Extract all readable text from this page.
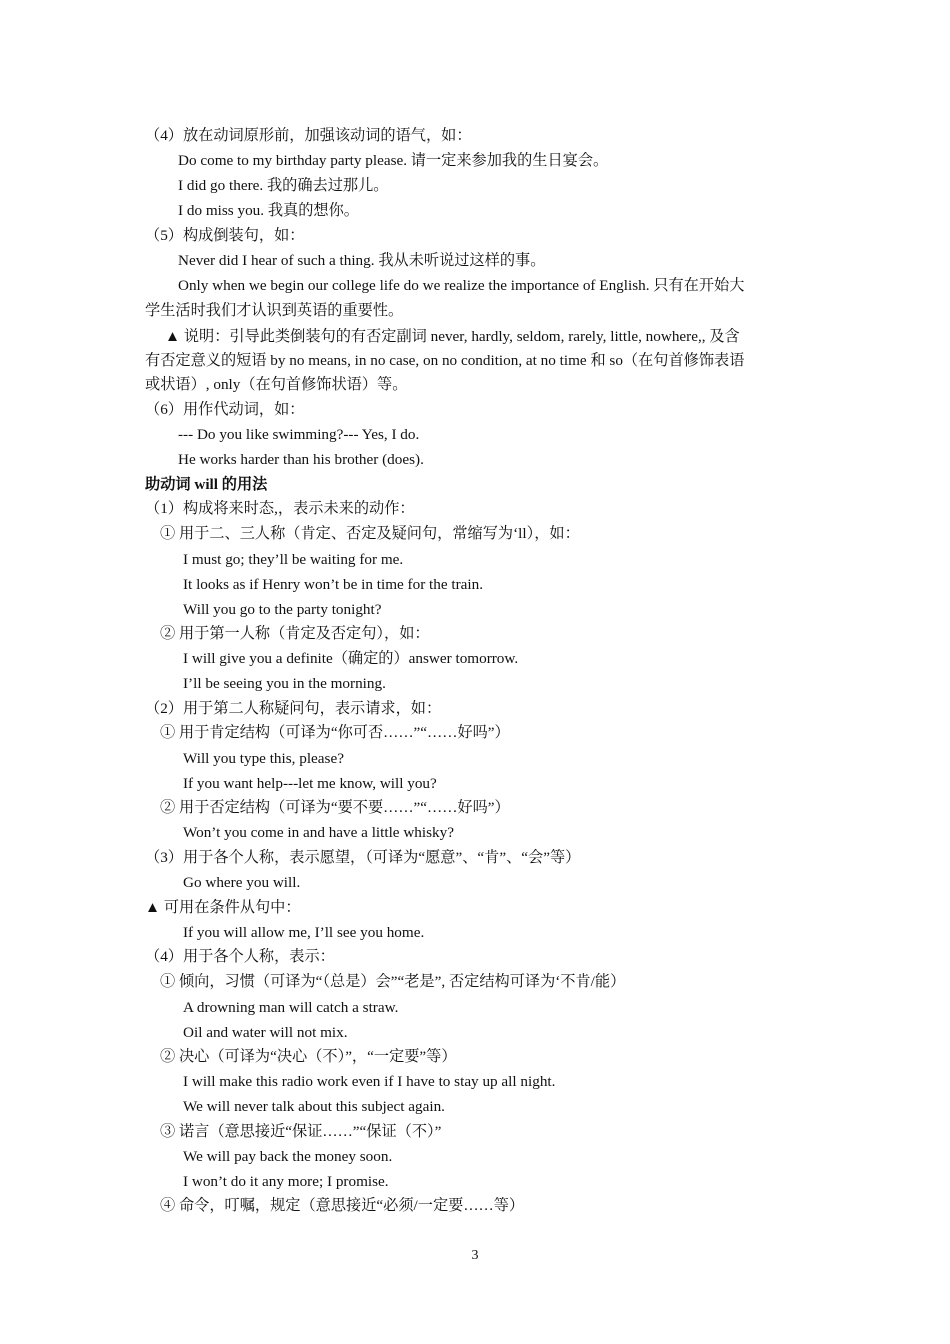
（4）放在动词原形前，加强该动词的语气，如：
Do come to my birthday party please. 请一定来参加我的生日宴会。
I did go there. 我的确去过那儿。
I do miss you. 我真的想你。
（5）构成倒装句，如：
Never did I hear of such a thing. 我从未听说过这样的事。
Only when we begin our college life do we realize the importance of English. 只有在开始大
学生活时我们才认识到英语的重要性。
▲ 说明：引导此类倒装句的有否定副词 never, hardly, seldom, rarely, little, nowhere,, 及含
有否定意义的短语 by no means, in no case, on no condition, at no time 和 so（在句首修饰表语
或状语）, only（在句首修饰状语）等。
（6）用作代动词，如：
--- Do you like swimming?--- Yes, I do.
He works harder than his brother (does).
助动词 will 的用法
（1）构成将来时态,，表示未来的动作：
① 用于二、三人称（肯定、否定及疑问句，常缩写为‘ll），如：
I must go; they’ll be waiting for me.
It looks as if Henry won’t be in time for the train.
Will you go to the party tonight?
② 用于第一人称（肯定及否定句），如：
I will give you a definite（确定的）answer tomorrow.
I’ll be seeing you in the morning.
（2）用于第二人称疑问句，表示请求，如：
① 用于肯定结构（可译为“你可否……”“……好吗”）
Will you type this, please?
If you want help---let me know, will you?
② 用于否定结构（可译为“要不要……”“……好吗”）
Won’t you come in and have a little whisky?
（3）用于各个人称，表示愿望，（可译为“愿意”、“肯”、“会”等）
Go where you will.
▲ 可用在条件从句中：
If you will allow me, I’ll see you home.
（4）用于各个人称，表示：
① 倾向，习惯（可译为“（总是）会”“老是”, 否定结构可译为‘不肯/能）
A drowning man will catch a straw.
Oil and water will not mix.
② 决心（可译为“决心（不）”，“一定要”等）
I will make this radio work even if I have to stay up all night.
We will never talk about this subject again.
③ 诺言（意思接近“保证……”“保证（不）”
We will pay back the money soon.
I won’t do it any more; I promise.
④ 命令，叮嘱，规定（意思接近“必须/一定要……等）
3
